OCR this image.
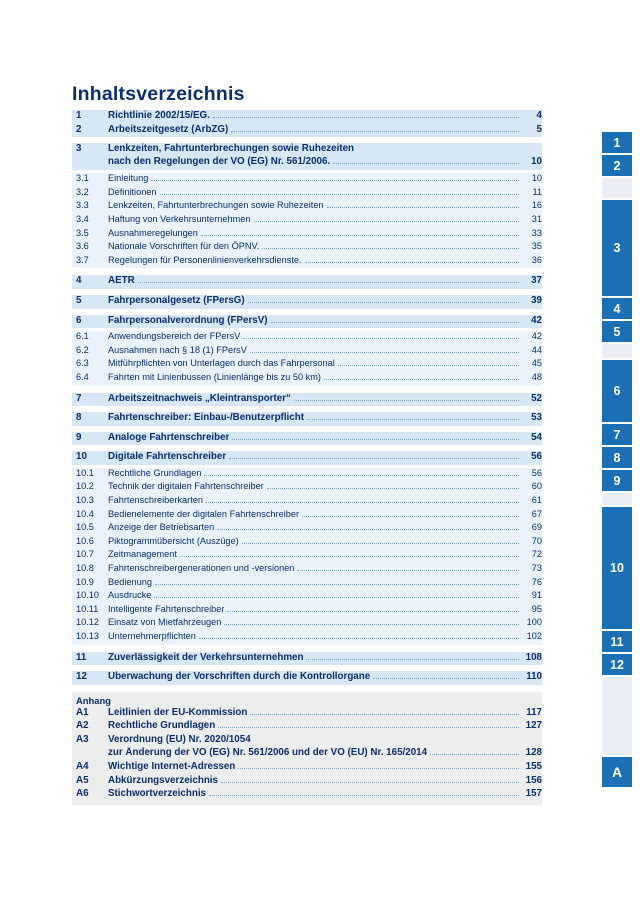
Inhaltsverzeichnis
1	Richtlinie 2002/15/EG.	4
2	Arbeitszeitgesetz (ArbZG)	5
3	Lenkzeiten, Fahrtunterbrechungen sowie Ruhezeiten
nach den Regelungen der VO (EG) Nr. 561/2006.	10
3.1	Einleitung	10
3.2	Definitionen	11
3.3	Lenkzeiten, Fahrtunterbrechungen sowie Ruhezeiten	16
3.4	Haftung von Verkehrsunternehmen	31
3.5	Ausnahmeregelungen	33
3.6	Nationale Vorschriften für den ÖPNV.	35
3.7	Regelungen für Personenlinienverkehrsdienste.	36
4	AETR	37
5	Fahrpersonalgesetz (FPersG)	39
6	Fahrpersonalverordnung (FPersV)	42
6.1	Anwendungsbereich der FPersV	42
6.2	Ausnahmen nach § 18 (1) FPersV	44
6.3	Mitführpflichten von Unterlagen durch das Fahrpersonal	45
6.4	Fahrten mit Linienbussen (Linienlänge bis zu 50 km)	48
7	Arbeitszeitnachweis „Kleintransporter“	52
8	Fahrtenschreiber: Einbau-/Benutzerpflicht	53
9	Analoge Fahrtenschreiber	54
10	Digitale Fahrtenschreiber	56
10.1	Rechtliche Grundlagen	56
10.2	Technik der digitalen Fahrtenschreiber	60
10.3	Fahrtenschreiberkarten	61
10.4	Bedienelemente der digitalen Fahrtenschreiber	67
10.5	Anzeige der Betriebsarten	69
10.6	Piktogrammübersicht (Auszüge)	70
10.7	Zeitmanagement	72
10.8	Fahrtenschreibergenerationen und -versionen	73
10.9	Bedienung	76
10.10 Ausdrucke	91
10.11	Intelligente Fahrtenschreiber	95
10.12 Einsatz von Mietfahrzeugen	100
10.13 Unternehmerpflichten	102
11	Zuverlässigkeit der Verkehrsunternehmen	108
12	Überwachung der Vorschriften durch die Kontrollorgane	110
Anhang
A1	Leitlinien der EU-Kommission	117
A2	Rechtliche Grundlagen	127
A3	Verordnung (EU) Nr. 2020/1054
zur Änderung der VO (EG) Nr. 561/2006 und der VO (EU) Nr. 165/2014	128
A4	Wichtige Internet-Adressen	155
A5	Abkürzungsverzeichnis	156
A6	Stichwortverzeichnis	157
1
2
3
4
5
6
7
8
9
10
11
12
A
